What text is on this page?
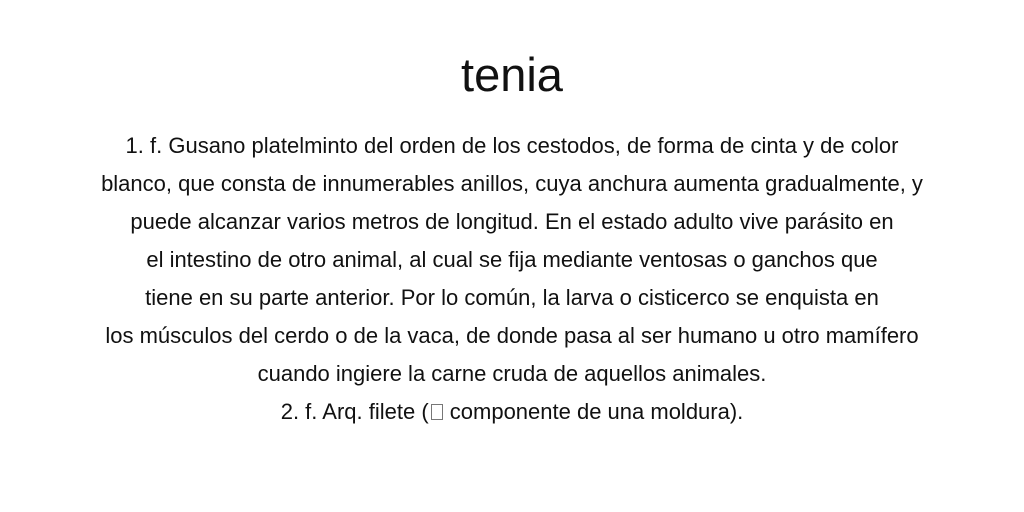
tenia

1. f. Gusano platelminto del orden de los cestodos, de forma de cinta y de color
blanco, que consta de innumerables anillos, cuya anchura aumenta gradualmente, y
puede alcanzar varios metros de longitud. En el estado adulto vive parásito en
el intestino de otro animal, al cual se fija mediante ventosas o ganchos que
tiene en su parte anterior. Por lo común, la larva o cisticerco se enquista en
los músculos del cerdo o de la vaca, de donde pasa al ser humano u otro mamífero
cuando ingiere la carne cruda de aquellos animales.

2. f. Arq. filete ( componente de una moldura).
